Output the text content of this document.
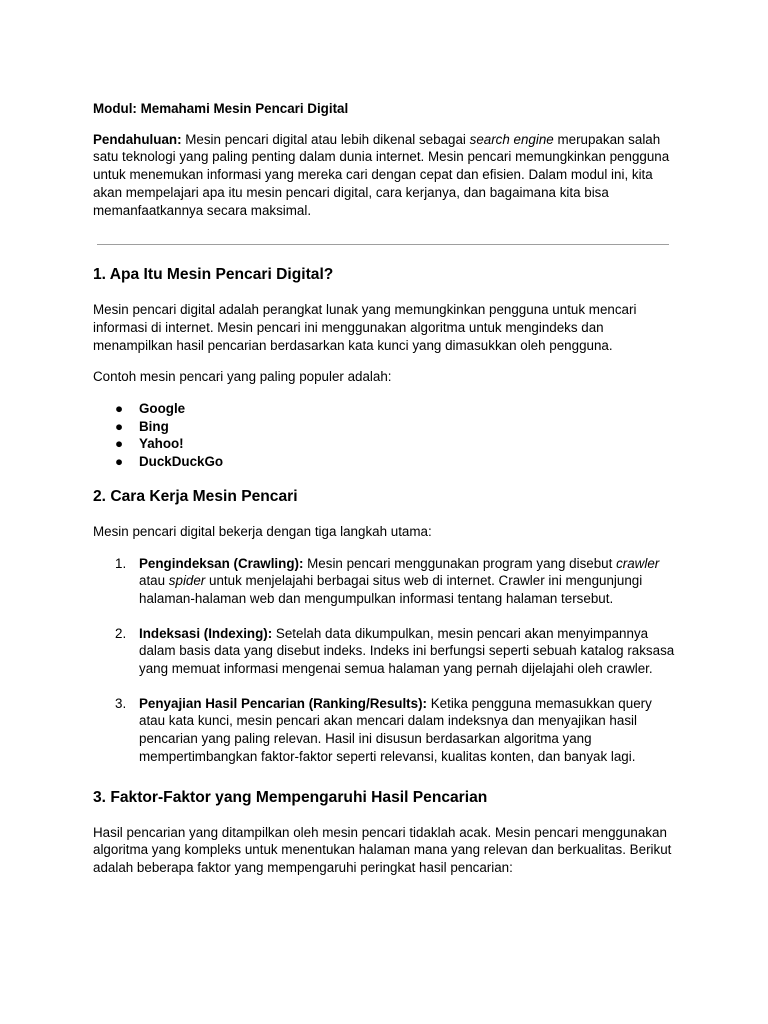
Modul: Memahami Mesin Pencari Digital

Pendahuluan: Mesin pencari digital atau lebih dikenal sebagai search engine merupakan salah satu teknologi yang paling penting dalam dunia internet. Mesin pencari memungkinkan pengguna untuk menemukan informasi yang mereka cari dengan cepat dan efisien. Dalam modul ini, kita akan mempelajari apa itu mesin pencari digital, cara kerjanya, dan bagaimana kita bisa memanfaatkannya secara maksimal.

1. Apa Itu Mesin Pencari Digital?

Mesin pencari digital adalah perangkat lunak yang memungkinkan pengguna untuk mencari informasi di internet. Mesin pencari ini menggunakan algoritma untuk mengindeks dan menampilkan hasil pencarian berdasarkan kata kunci yang dimasukkan oleh pengguna.

Contoh mesin pencari yang paling populer adalah:

● Google
● Bing
● Yahoo!
● DuckDuckGo
2. Cara Kerja Mesin Pencari

Mesin pencari digital bekerja dengan tiga langkah utama:

1. Pengindeksan (Crawling): Mesin pencari menggunakan program yang disebut crawler atau spider untuk menjelajahi berbagai situs web di internet. Crawler ini mengunjungi halaman-halaman web dan mengumpulkan informasi tentang halaman tersebut.
2. Indeksasi (Indexing): Setelah data dikumpulkan, mesin pencari akan menyimpannya dalam basis data yang disebut indeks. Indeks ini berfungsi seperti sebuah katalog raksasa yang memuat informasi mengenai semua halaman yang pernah dijelajahi oleh crawler.
3. Penyajian Hasil Pencarian (Ranking/Results): Ketika pengguna memasukkan query atau kata kunci, mesin pencari akan mencari dalam indeksnya dan menyajikan hasil pencarian yang paling relevan. Hasil ini disusun berdasarkan algoritma yang mempertimbangkan faktor-faktor seperti relevansi, kualitas konten, dan banyak lagi.
3. Faktor-Faktor yang Mempengaruhi Hasil Pencarian

Hasil pencarian yang ditampilkan oleh mesin pencari tidaklah acak. Mesin pencari menggunakan algoritma yang kompleks untuk menentukan halaman mana yang relevan dan berkualitas. Berikut adalah beberapa faktor yang mempengaruhi peringkat hasil pencarian:
